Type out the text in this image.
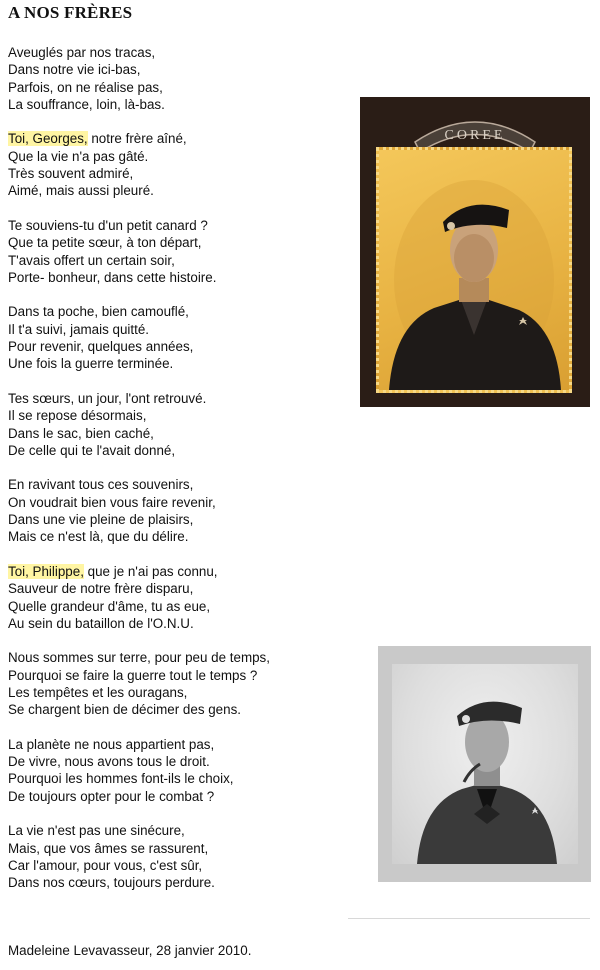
A NOS FRÈRES
Aveuglés par nos tracas,
Dans notre vie ici-bas,
Parfois, on ne réalise pas,
La souffrance, loin, là-bas.
Toi, Georges, notre frère aîné,
Que la vie n'a pas gâté.
Très souvent admiré,
Aimé, mais aussi pleuré.
Te souviens-tu d'un petit canard ?
Que ta petite sœur, à ton départ,
T'avais offert un certain soir,
Porte- bonheur, dans cette histoire.
Dans ta poche, bien camouflé,
Il t'a suivi, jamais quitté.
Pour revenir, quelques années,
Une fois la guerre terminée.
Tes sœurs, un jour, l'ont retrouvé.
Il se repose désormais,
Dans le sac, bien caché,
De celle qui te l'avait donné,
En ravivant tous ces souvenirs,
On voudrait bien vous faire revenir,
Dans une vie pleine de plaisirs,
Mais ce n'est là, que du délire.
Toi, Philippe, que je n'ai pas connu,
Sauveur de notre frère disparu,
Quelle grandeur d'âme, tu as eue,
Au sein du bataillon de l'O.N.U.
Nous sommes sur terre, pour peu de temps,
Pourquoi se faire la guerre tout le temps ?
Les tempêtes et les ouragans,
Se chargent bien de décimer des gens.
La planète ne nous appartient pas,
De vivre, nous avons tous le droit.
Pourquoi les hommes font-ils le choix,
De toujours opter pour le combat ?
La vie n'est pas une sinécure,
Mais, que vos âmes se rassurent,
Car l'amour, pour vous, c'est sûr,
Dans nos cœurs, toujours perdure.
COREE
Madeleine Levavasseur, 28 janvier 2010.
